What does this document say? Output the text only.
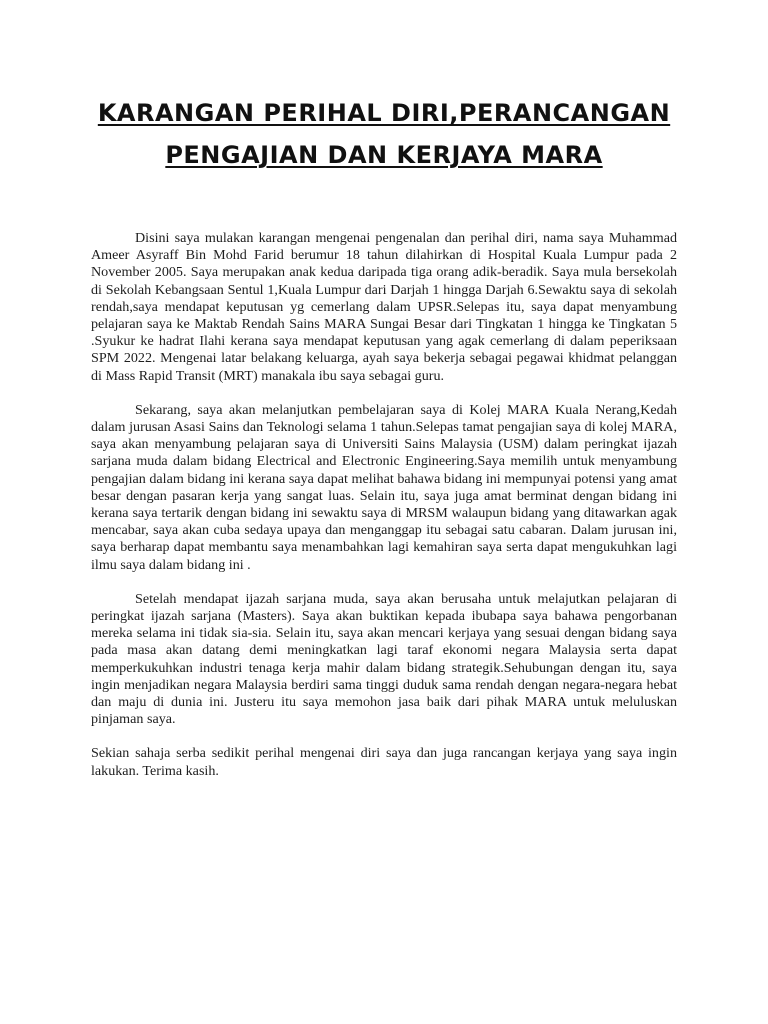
KARANGAN PERIHAL DIRI,PERANCANGAN
PENGAJIAN DAN KERJAYA MARA

Disini saya mulakan karangan mengenai pengenalan dan perihal diri, nama saya Muhammad Ameer Asyraff Bin Mohd Farid berumur 18 tahun dilahirkan di Hospital Kuala Lumpur pada 2 November 2005. Saya merupakan anak kedua daripada tiga orang adik-beradik. Saya mula bersekolah di Sekolah Kebangsaan Sentul 1,Kuala Lumpur dari Darjah 1 hingga Darjah 6.Sewaktu saya di sekolah rendah,saya mendapat keputusan yg cemerlang dalam UPSR.Selepas itu, saya dapat menyambung pelajaran saya ke Maktab Rendah Sains MARA Sungai Besar dari Tingkatan 1 hingga ke Tingkatan 5 .Syukur ke hadrat Ilahi kerana saya mendapat keputusan yang agak cemerlang di dalam peperiksaan SPM 2022. Mengenai latar belakang keluarga, ayah saya bekerja sebagai pegawai khidmat pelanggan di Mass Rapid Transit (MRT) manakala ibu saya sebagai guru.

Sekarang, saya akan melanjutkan pembelajaran saya di Kolej MARA Kuala Nerang,Kedah dalam jurusan Asasi Sains dan Teknologi selama 1 tahun.Selepas tamat pengajian saya di kolej MARA, saya akan menyambung pelajaran saya di Universiti Sains Malaysia (USM) dalam peringkat ijazah sarjana muda dalam bidang Electrical and Electronic Engineering.Saya memilih untuk menyambung pengajian dalam bidang ini kerana saya dapat melihat bahawa bidang ini mempunyai potensi yang amat besar dengan pasaran kerja yang sangat luas. Selain itu, saya juga amat berminat dengan bidang ini kerana saya tertarik dengan bidang ini sewaktu saya di MRSM walaupun bidang yang ditawarkan agak mencabar, saya akan cuba sedaya upaya dan menganggap itu sebagai satu cabaran. Dalam jurusan ini, saya berharap dapat membantu saya menambahkan lagi kemahiran saya serta dapat mengukuhkan lagi ilmu saya dalam bidang ini .

Setelah mendapat ijazah sarjana muda, saya akan berusaha untuk melajutkan pelajaran di peringkat ijazah sarjana (Masters). Saya akan buktikan kepada ibubapa saya bahawa pengorbanan mereka selama ini tidak sia-sia. Selain itu, saya akan mencari kerjaya yang sesuai dengan bidang saya pada masa akan datang demi meningkatkan lagi taraf ekonomi negara Malaysia serta dapat memperkukuhkan industri tenaga kerja mahir dalam bidang strategik.Sehubungan dengan itu, saya ingin menjadikan negara Malaysia berdiri sama tinggi duduk sama rendah dengan negara-negara hebat dan maju di dunia ini. Justeru itu saya memohon jasa baik dari pihak MARA untuk meluluskan pinjaman saya.

Sekian sahaja serba sedikit perihal mengenai diri saya dan juga rancangan kerjaya yang saya ingin lakukan. Terima kasih.
